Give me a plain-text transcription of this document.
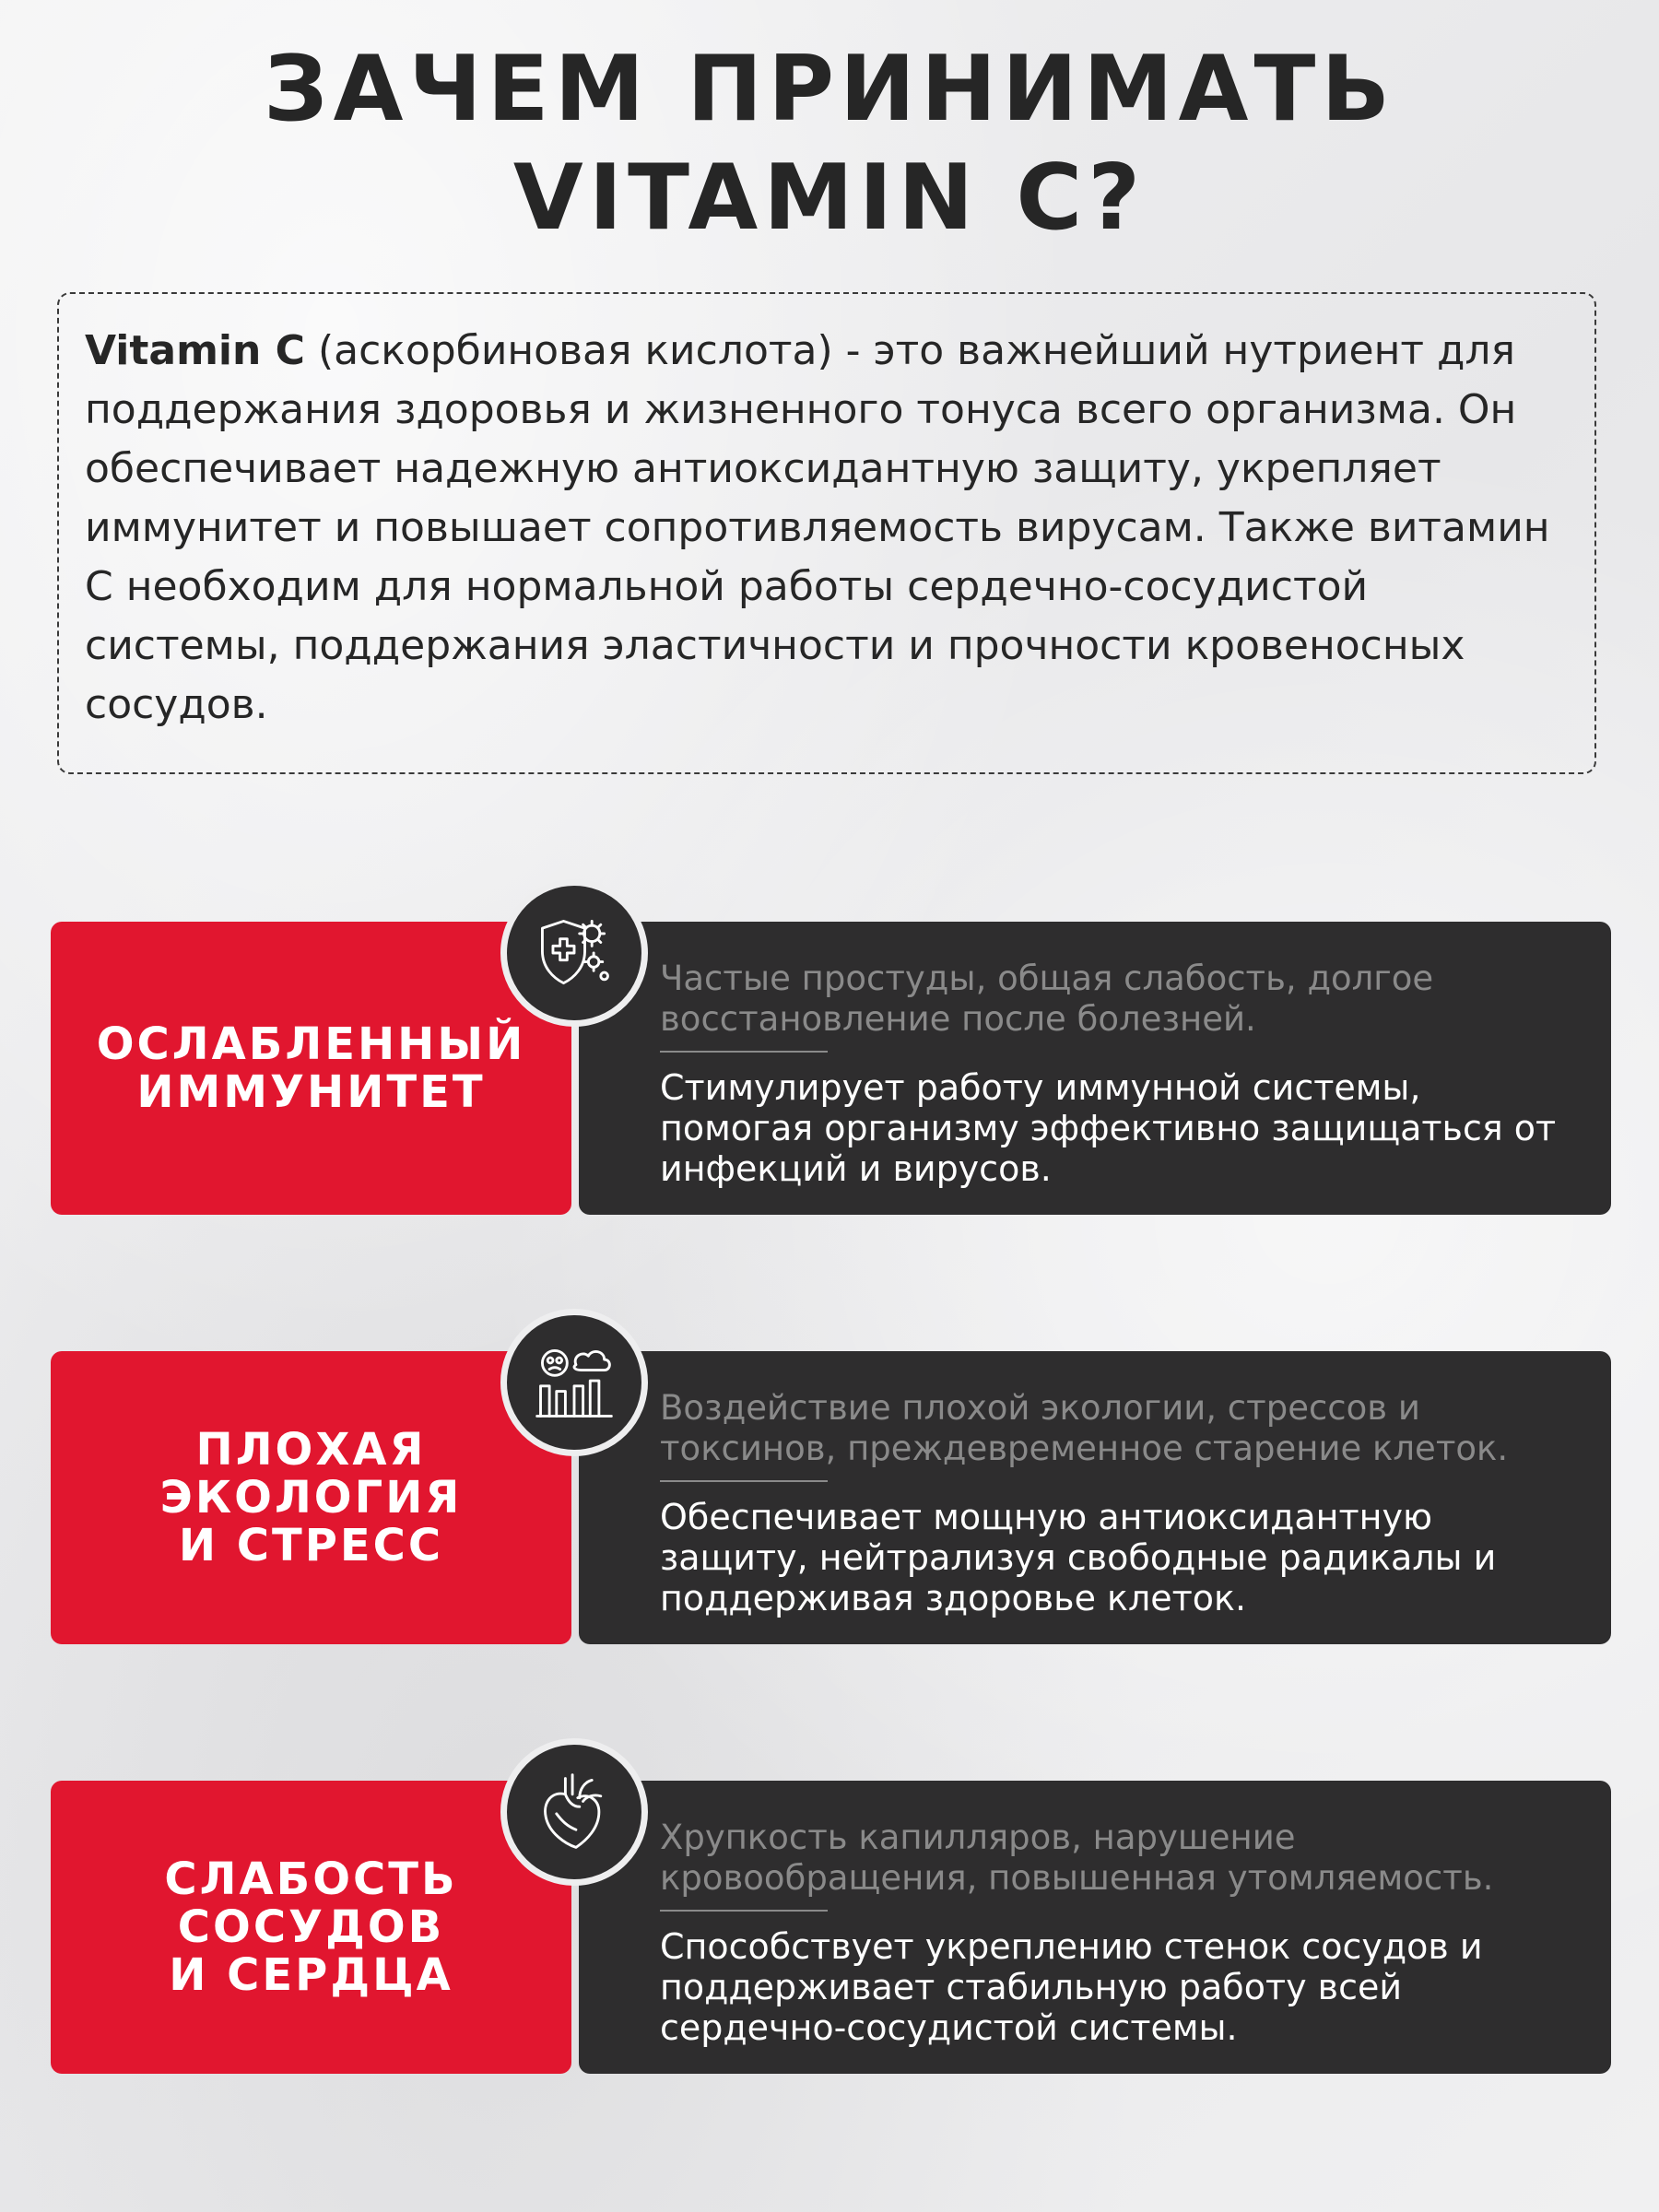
ЗАЧЕМ ПРИНИМАТЬ
VITAMIN C?

Vitamin C (аскорбиновая кислота) - это важнейший нутриент для поддержания здоровья и жизненного тонуса всего организма. Он обеспечивает надежную антиоксидантную защиту, укрепляет иммунитет и повышает сопротивляемость вирусам. Также витамин С необходим для нормальной работы сердечно-сосудистой системы, поддержания эластичности и прочности кровеносных сосудов.

ОСЛАБЛЕННЫЙ
ИММУНИТЕТ

Частые простуды, общая слабость, долгое восстановление после болезней.

Стимулирует работу иммунной системы, помогая организму эффективно защищаться от инфекций и вирусов.

ПЛОХАЯ
ЭКОЛОГИЯ
И СТРЕСС

Воздействие плохой экологии, стрессов и токсинов, преждевременное старение клеток.

Обеспечивает мощную антиоксидантную защиту, нейтрализуя свободные радикалы и поддерживая здоровье клеток.

СЛАБОСТЬ
СОСУДОВ
И СЕРДЦА

Хрупкость капилляров, нарушение кровообращения, повышенная утомляемость.

Способствует укреплению стенок сосудов и поддерживает стабильную работу всей сердечно-сосудистой системы.
